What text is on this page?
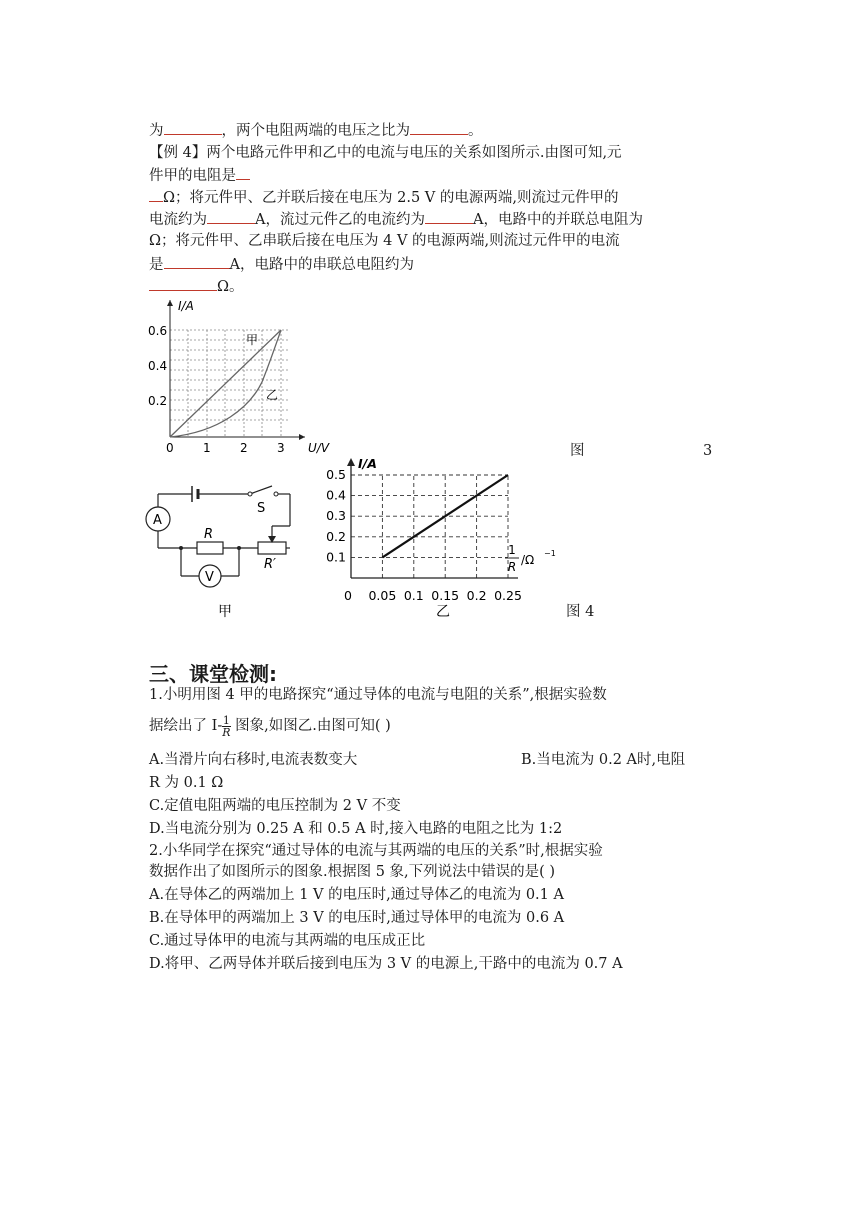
为	，两个电阻两端的电压之比为	。
【例 4】两个电路元件甲和乙中的电流与电压的关系如图所示.由图可知,元
件甲的电阻是
Ω；将元件甲、乙并联后接在电压为 2.5 V 的电源两端,则流过元件甲的
电流约为	A，流过元件乙的电流约为	A，电路中的并联总电阻为
Ω；将元件甲、乙串联后接在电压为 4 V 的电源两端,则流过元件甲的电流
是	A，电路中的串联总电阻约为
Ω。
I/A
U/V
0.6
0.4
0.2
0 1 2 3
甲
乙
图	3
A
V
S
R
R′
甲
0.1
0.2
0.3
0.4
0.5
0 0.05 0.1 0.15 0.2 0.25
I/A
1
R /Ω −1
乙	图 4
三、课堂检测:
1.小明用图 4 甲的电路探究“通过导体的电流与电阻的关系”,根据实验数
据绘出了 $I- \frac{1}{R}$ 图象,如图乙.由图可知( )
A.当滑片向右移时,电流表数变大	B.当电流为 0.2 A时,电阻
R 为 0.1 Ω
C.定值电阻两端的电压控制为 2 V 不变
D.当电流分别为 0.25 A 和 0.5 A 时,接入电路的电阻之比为 1:2
2.小华同学在探究“通过导体的电流与其两端的电压的关系”时,根据实验
数据作出了如图所示的图象.根据图 5 象,下列说法中错误的是( )
A.在导体乙的两端加上 1 V 的电压时,通过导体乙的电流为 0.1 A
B.在导体甲的两端加上 3 V 的电压时,通过导体甲的电流为 0.6 A
C.通过导体甲的电流与其两端的电压成正比
D.将甲、乙两导体并联后接到电压为 3 V 的电源上,干路中的电流为 0.7 A
